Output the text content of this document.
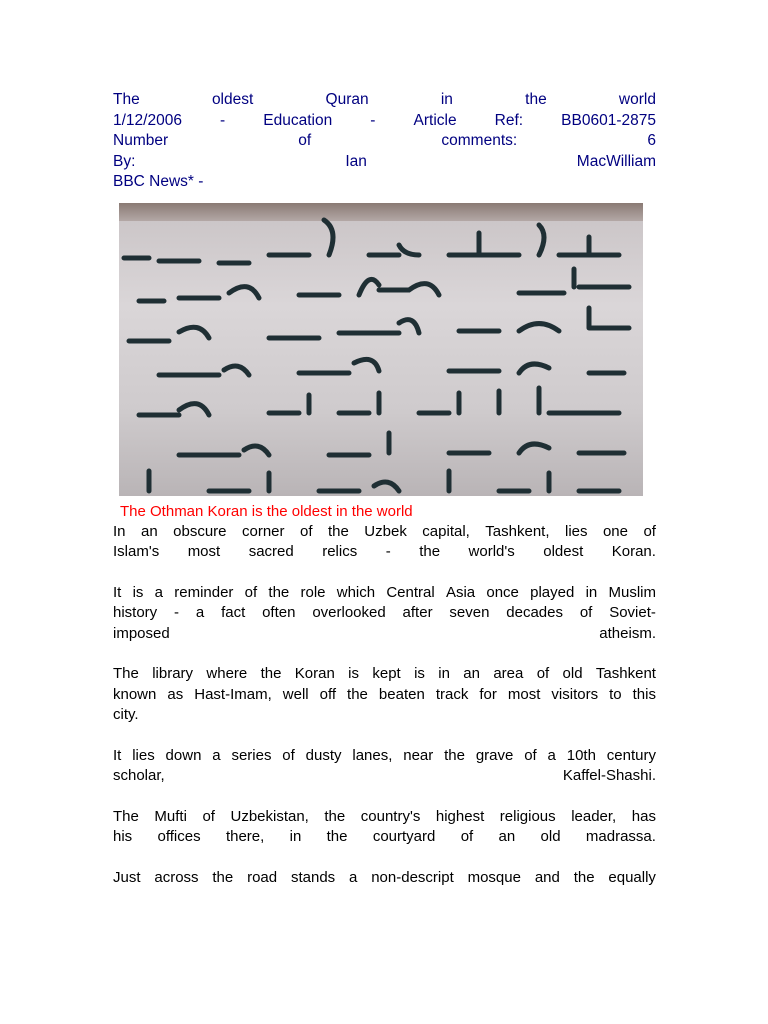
The	oldest	Quran	in	the	world
1/12/2006 - Education - Article Ref: BB0601-2875
Number	of	comments:	6
By:	Ian	MacWilliam
BBC News* -
The Othman Koran is the oldest in the world
In an obscure corner of the Uzbek capital, Tashkent, lies one of
Islam's most sacred relics - the world's oldest Koran.
It is a reminder of the role which Central Asia once played in Muslim
history - a fact often overlooked after seven decades of Soviet-
imposed	atheism.
The library where the Koran is kept is in an area of old Tashkent
known as Hast-Imam, well off the beaten track for most visitors to this
city.
It lies down a series of dusty lanes, near the grave of a 10th century
scholar,	Kaffel-Shashi.
The Mufti of Uzbekistan, the country's highest religious leader, has
his offices there, in the courtyard of an old madrassa.
Just across the road stands a non-descript mosque and the equally
